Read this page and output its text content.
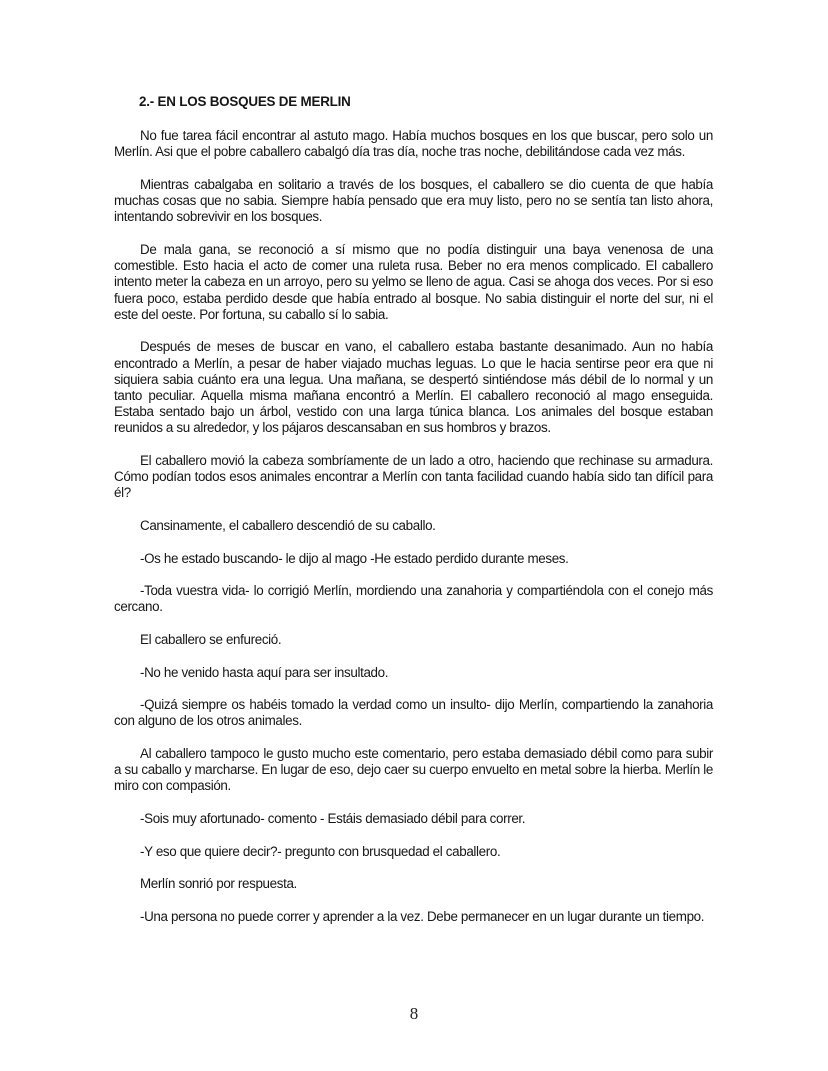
2.- EN LOS BOSQUES DE MERLIN

No fue tarea fácil encontrar al astuto mago. Había muchos bosques en los que buscar, pero solo un Merlín. Asi que el pobre caballero cabalgó día tras día, noche tras noche, debilitándose cada vez más.

Mientras cabalgaba en solitario a través de los bosques, el caballero se dio cuenta de que había muchas cosas que no sabia. Siempre había pensado que era muy listo, pero no se sentía tan listo ahora, intentando sobrevivir en los bosques.

De mala gana, se reconoció a sí mismo que no podía distinguir una baya venenosa de una comestible. Esto hacia el acto de comer una ruleta rusa. Beber no era menos complicado. El caballero intento meter la cabeza en un arroyo, pero su yelmo se lleno de agua. Casi se ahoga dos veces. Por si eso fuera poco, estaba perdido desde que había entrado al bosque. No sabia distinguir el norte del sur, ni el este del oeste. Por fortuna, su caballo sí lo sabia.

Después de meses de buscar en vano, el caballero estaba bastante desanimado. Aun no había encontrado a Merlín, a pesar de haber viajado muchas leguas. Lo que le hacia sentirse peor era que ni siquiera sabia cuánto era una legua. Una mañana, se despertó sintiéndose más débil de lo normal y un tanto peculiar. Aquella misma mañana encontró a Merlín. El caballero reconoció al mago enseguida. Estaba sentado bajo un árbol, vestido con una larga túnica blanca. Los animales del bosque estaban reunidos a su alrededor, y los pájaros descansaban en sus hombros y brazos.

El caballero movió la cabeza sombríamente de un lado a otro, haciendo que rechinase su armadura. Cómo podían todos esos animales encontrar a Merlín con tanta facilidad cuando había sido tan difícil para él?

Cansinamente, el caballero descendió de su caballo.

-Os he estado buscando- le dijo al mago -He estado perdido durante meses.

-Toda vuestra vida- lo corrigió Merlín, mordiendo una zanahoria y compartiéndola con el conejo más cercano.

El caballero se enfureció.

-No he venido hasta aquí para ser insultado.

-Quizá siempre os habéis tomado la verdad como un insulto- dijo Merlín, compartiendo la zanahoria con alguno de los otros animales.

Al caballero tampoco le gusto mucho este comentario, pero estaba demasiado débil como para subir a su caballo y marcharse. En lugar de eso, dejo caer su cuerpo envuelto en metal sobre la hierba. Merlín le miro con compasión.

-Sois muy afortunado- comento - Estáis demasiado débil para correr.

-Y eso que quiere decir?- pregunto con brusquedad el caballero.

Merlín sonrió por respuesta.

-Una persona no puede correr y aprender a la vez. Debe permanecer en un lugar durante un tiempo.

8
